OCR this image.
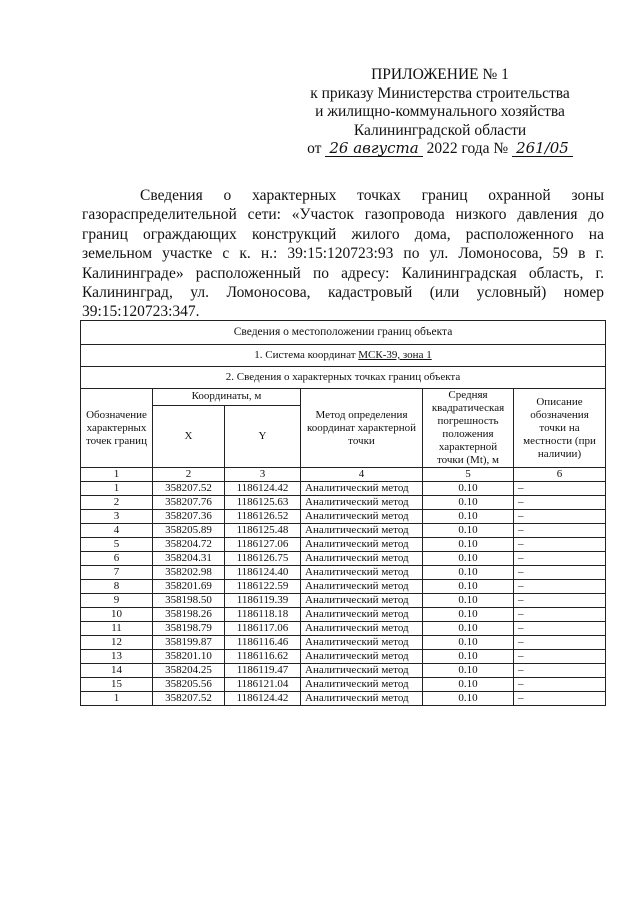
ПРИЛОЖЕНИЕ № 1
к приказу Министерства строительства
и жилищно-коммунального хозяйства
Калининградской области
от 26 августа 2022 года № 261/05
Сведения о характерных точках границ охранной зоны газораспределительной сети: «Участок газопровода низкого давления до границ ограждающих конструкций жилого дома, расположенного на земельном участке с к. н.: 39:15:120723:93 по ул. Ломоносова, 59 в г. Калининграде» расположенный по адресу: Калининградская область, г. Калининград, ул. Ломоносова, кадастровый (или условный) номер 39:15:120723:347.
Сведения о местоположении границ объекта					
1. Система координат МСК-39, зона 1					
2. Сведения о характерных точках границ объекта					
Обозначение характерных точек границ	Координаты, м		Метод определения координат характерной точки	Средняя квадратическая погрешность положения характерной точки (Mt), м	Описание обозначения точки на местности (при наличии)
	X	Y			
1	2	3	4	5	6
1	358207.52	1186124.42	Аналитический метод	0.10	–
2	358207.76	1186125.63	Аналитический метод	0.10	–
3	358207.36	1186126.52	Аналитический метод	0.10	–
4	358205.89	1186125.48	Аналитический метод	0.10	–
5	358204.72	1186127.06	Аналитический метод	0.10	–
6	358204.31	1186126.75	Аналитический метод	0.10	–
7	358202.98	1186124.40	Аналитический метод	0.10	–
8	358201.69	1186122.59	Аналитический метод	0.10	–
9	358198.50	1186119.39	Аналитический метод	0.10	–
10	358198.26	1186118.18	Аналитический метод	0.10	–
11	358198.79	1186117.06	Аналитический метод	0.10	–
12	358199.87	1186116.46	Аналитический метод	0.10	–
13	358201.10	1186116.62	Аналитический метод	0.10	–
14	358204.25	1186119.47	Аналитический метод	0.10	–
15	358205.56	1186121.04	Аналитический метод	0.10	–
1	358207.52	1186124.42	Аналитический метод	0.10	–
